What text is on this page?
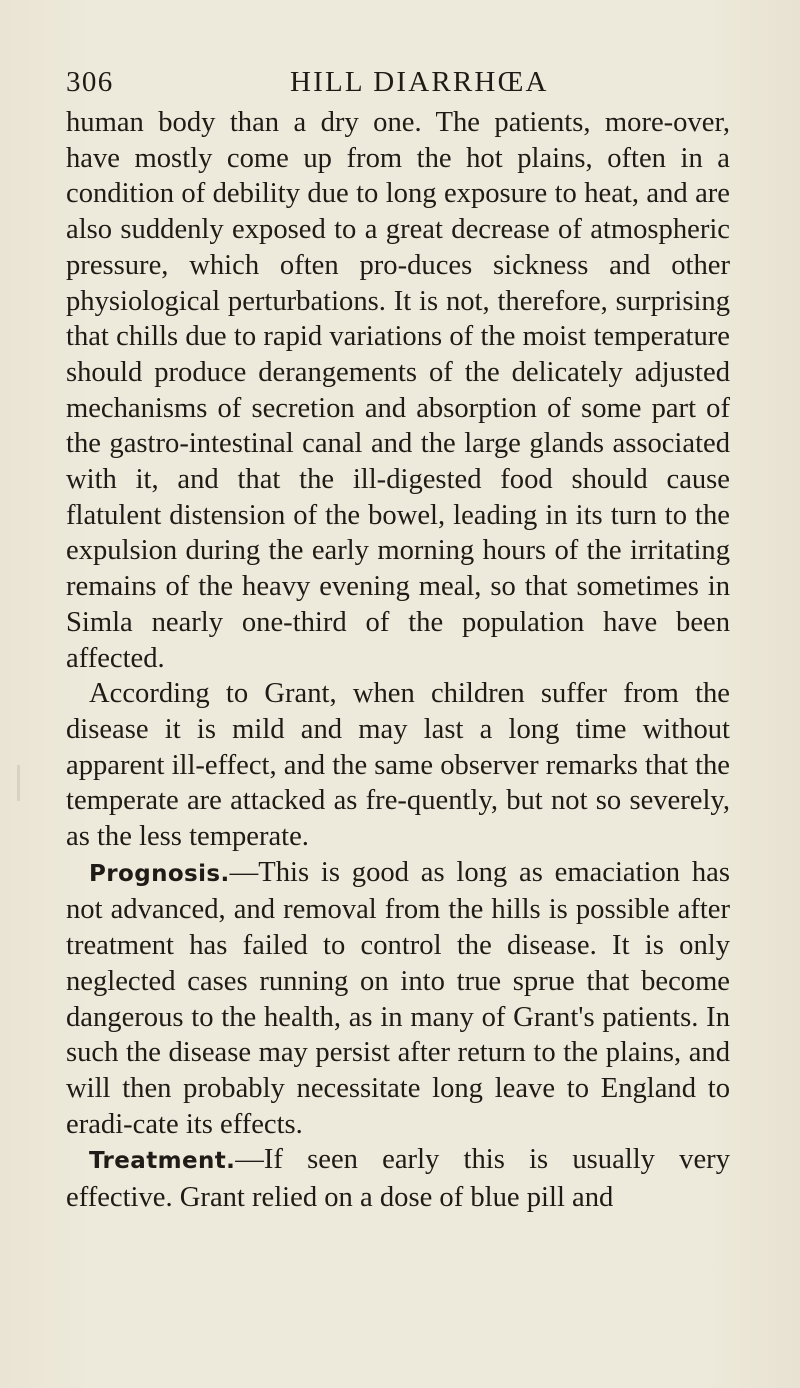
306	HILL DIARRHŒA

human body than a dry one. The patients, more-over, have mostly come up from the hot plains, often in a condition of debility due to long exposure to heat, and are also suddenly exposed to a great decrease of atmospheric pressure, which often pro-duces sickness and other physiological perturbations. It is not, therefore, surprising that chills due to rapid variations of the moist temperature should produce derangements of the delicately adjusted mechanisms of secretion and absorption of some part of the gastro-intestinal canal and the large glands associated with it, and that the ill-digested food should cause flatulent distension of the bowel, leading in its turn to the expulsion during the early morning hours of the irritating remains of the heavy evening meal, so that sometimes in Simla nearly one-third of the population have been affected.

According to Grant, when children suffer from the disease it is mild and may last a long time without apparent ill-effect, and the same observer remarks that the temperate are attacked as fre-quently, but not so severely, as the less temperate.

Prognosis.—This is good as long as emaciation has not advanced, and removal from the hills is possible after treatment has failed to control the disease. It is only neglected cases running on into true sprue that become dangerous to the health, as in many of Grant's patients. In such the disease may persist after return to the plains, and will then probably necessitate long leave to England to eradi-cate its effects.

Treatment.—If seen early this is usually very effective. Grant relied on a dose of blue pill and
